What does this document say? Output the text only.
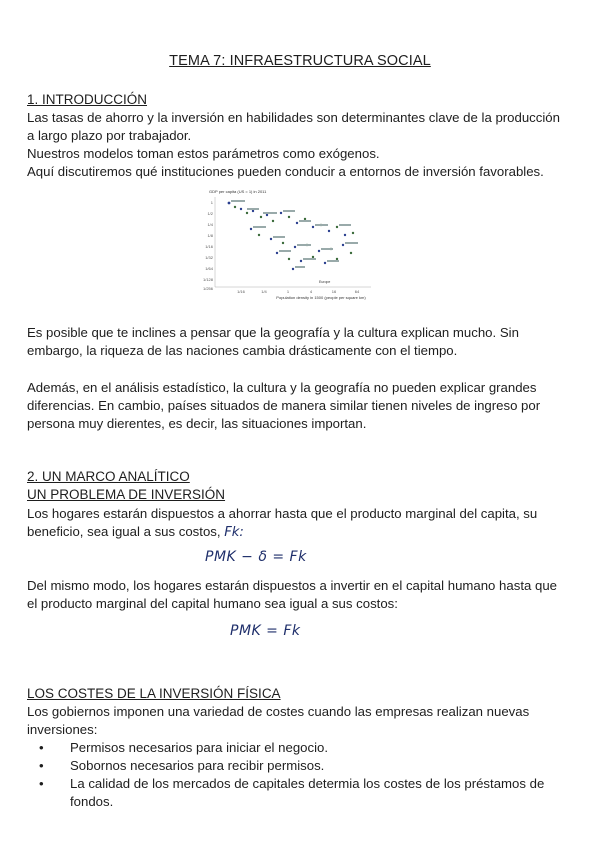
TEMA 7: INFRAESTRUCTURA SOCIAL
1. INTRODUCCIÓN

Las tasas de ahorro y la inversión en habilidades son determinantes clave de la producción
a largo plazo por trabajador.
Nuestros modelos toman estos parámetros como exógenos.
Aquí discutiremos qué instituciones pueden conducir a entornos de inversión favorables.

GDP per capita (US = 1) in 2011
1
1/2
1/4
1/8
1/16
1/32
1/64
1/128
1/256
1/16	1/4	1	4	16	64
Population density in 1500 (people per square km)
Europe

Es posible que te inclines a pensar que la geografía y la cultura explican mucho. Sin
embargo, la riqueza de las naciones cambia drásticamente con el tiempo.

Además, en el análisis estadístico, la cultura y la geografía no pueden explicar grandes
diferencias. En cambio, países situados de manera similar tienen niveles de ingreso por
persona muy dierentes, es decir, las situaciones importan.

2. UN MARCO ANALÍTICO
UN PROBLEMA DE INVERSIÓN

Los hogares estarán dispuestos a ahorrar hasta que el producto marginal del capita, su
beneficio, sea igual a sus costos, Fk:

PMK − δ = Fk

Del mismo modo, los hogares estarán dispuestos a invertir en el capital humano hasta que
el producto marginal del capital humano sea igual a sus costos:

PMK = Fk
LOS COSTES DE LA INVERSIÓN FÍSICA

Los gobiernos imponen una variedad de costes cuando las empresas realizan nuevas
inversiones:

• Permisos necesarios para iniciar el negocio.
• Sobornos necesarios para recibir permisos.
• La calidad de los mercados de capitales determia los costes de los préstamos de
fondos.
